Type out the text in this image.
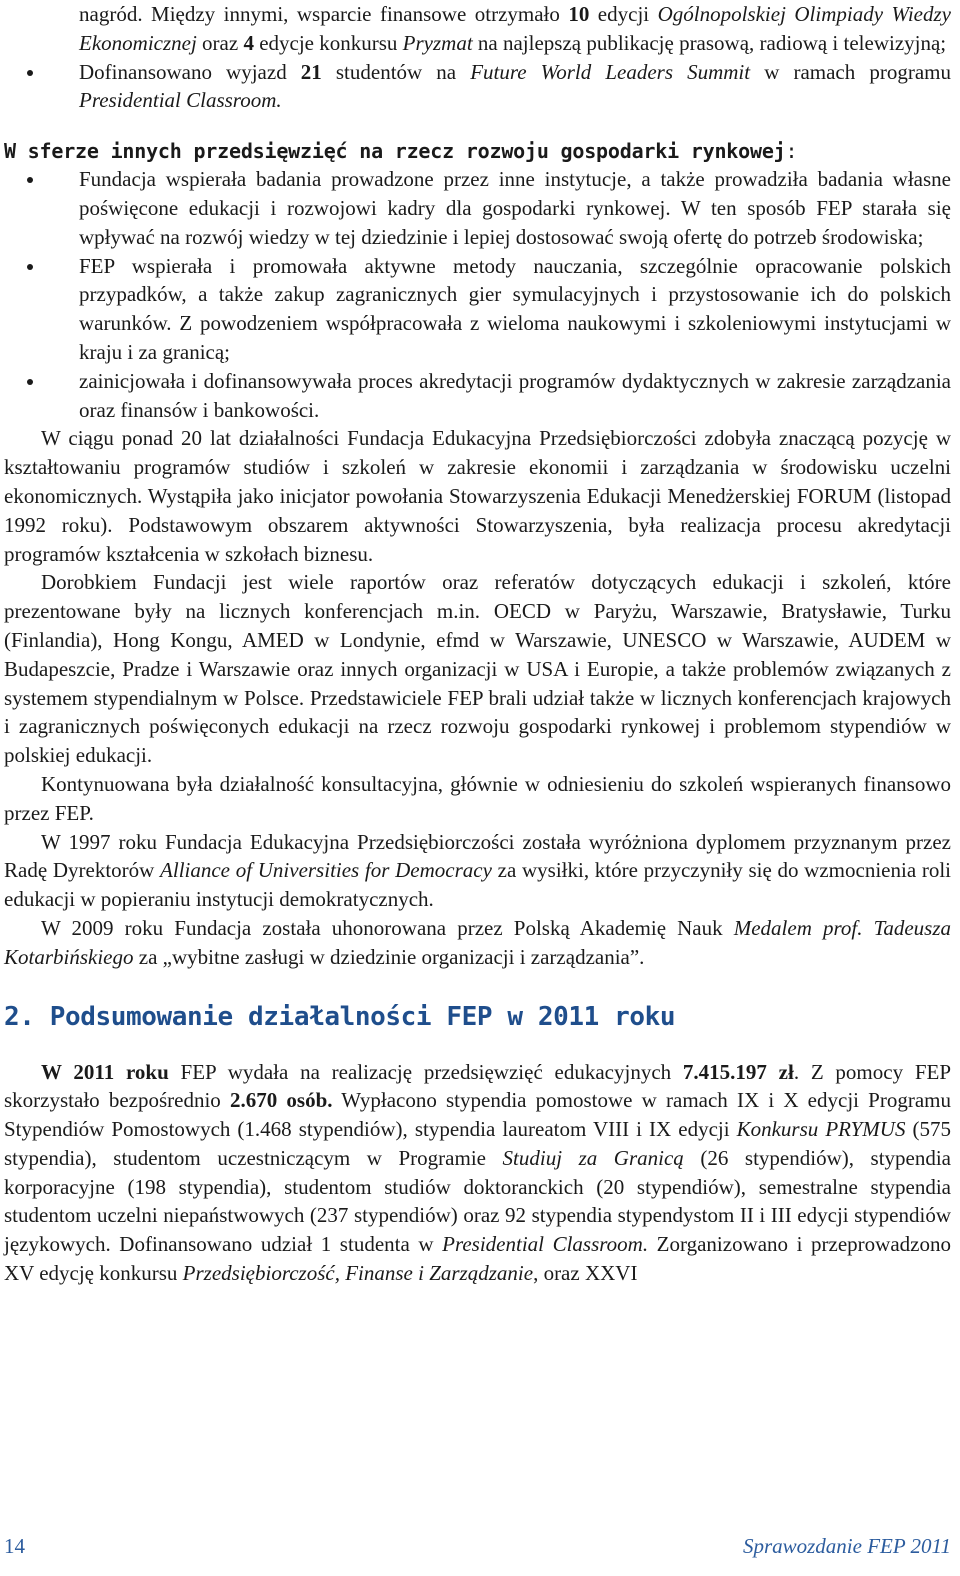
nagród. Między innymi, wsparcie finansowe otrzymało 10 edycji Ogólnopolskiej Olimpiady Wiedzy Ekonomicznej oraz 4 edycje konkursu Pryzmat na najlepszą publikację prasową, radiową i telewizyjną;
Dofinansowano wyjazd 21 studentów na Future World Leaders Summit w ramach programu Presidential Classroom.

W sferze innych przedsięwzięć na rzecz rozwoju gospodarki rynkowej:

Fundacja wspierała badania prowadzone przez inne instytucje, a także prowadziła badania własne poświęcone edukacji i rozwojowi kadry dla gospodarki rynkowej. W ten sposób FEP starała się wpływać na rozwój wiedzy w tej dziedzinie i lepiej dostosować swoją ofertę do potrzeb środowiska;
FEP wspierała i promowała aktywne metody nauczania, szczególnie opracowanie polskich przypadków, a także zakup zagranicznych gier symulacyjnych i przystosowanie ich do polskich warunków. Z powodzeniem współpracowała z wieloma naukowymi i szkoleniowymi instytucjami w kraju i za granicą;
zainicjowała i dofinansowywała proces akredytacji programów dydaktycznych w zakresie zarządzania oraz finansów i bankowości.

W ciągu ponad 20 lat działalności Fundacja Edukacyjna Przedsiębiorczości zdobyła znaczącą pozycję w kształtowaniu programów studiów i szkoleń w zakresie ekonomii i zarządzania w środowisku uczelni ekonomicznych. Wystąpiła jako inicjator powołania Stowarzyszenia Edukacji Menedżerskiej FORUM (listopad 1992 roku). Podstawowym obszarem aktywności Stowarzyszenia, była realizacja procesu akredytacji programów kształcenia w szkołach biznesu.

Dorobkiem Fundacji jest wiele raportów oraz referatów dotyczących edukacji i szkoleń, które prezentowane były na licznych konferencjach m.in. OECD w Paryżu, Warszawie, Bratysławie, Turku (Finlandia), Hong Kongu, AMED w Londynie, efmd w Warszawie, UNESCO w Warszawie, AUDEM w Budapeszcie, Pradze i Warszawie oraz innych organizacji w USA i Europie, a także problemów związanych z systemem stypendialnym w Polsce. Przedstawiciele FEP brali udział także w licznych konferencjach krajowych i zagranicznych poświęconych edukacji na rzecz rozwoju gospodarki rynkowej i problemom stypendiów w polskiej edukacji.

Kontynuowana była działalność konsultacyjna, głównie w odniesieniu do szkoleń wspieranych finansowo przez FEP.

W 1997 roku Fundacja Edukacyjna Przedsiębiorczości została wyróżniona dyplomem przyznanym przez Radę Dyrektorów Alliance of Universities for Democracy za wysiłki, które przyczyniły się do wzmocnienia roli edukacji w popieraniu instytucji demokratycznych.

W 2009 roku Fundacja została uhonorowana przez Polską Akademię Nauk Medalem prof. Tadeusza Kotarbińskiego za „wybitne zasługi w dziedzinie organizacji i zarządzania”.

2. Podsumowanie działalności FEP w 2011 roku

W 2011 roku FEP wydała na realizację przedsięwzięć edukacyjnych 7.415.197 zł. Z pomocy FEP skorzystało bezpośrednio 2.670 osób. Wypłacono stypendia pomostowe w ramach IX i X edycji Programu Stypendiów Pomostowych (1.468 stypendiów), stypendia laureatom VIII i IX edycji Konkursu PRYMUS (575 stypendia), studentom uczestniczącym w Programie Studiuj za Granicą (26 stypendiów), stypendia korporacyjne (198 stypendia), studentom studiów doktoranckich (20 stypendiów), semestralne stypendia studentom uczelni niepaństwowych (237 stypendiów) oraz 92 stypendia stypendystom II i III edycji stypendiów językowych. Dofinansowano udział 1 studenta w Presidential Classroom. Zorganizowano i przeprowadzono XV edycję konkursu Przedsiębiorczość, Finanse i Zarządzanie, oraz XXVI

14	Sprawozdanie FEP 2011
